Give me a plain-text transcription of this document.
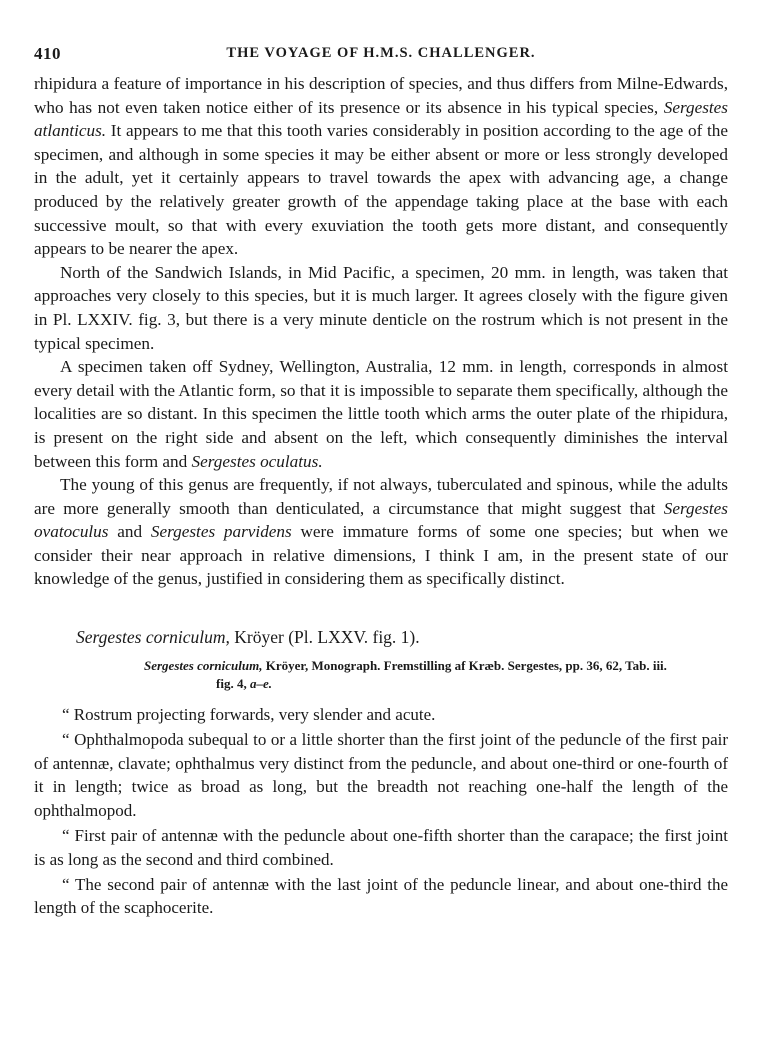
410	THE VOYAGE OF H.M.S. CHALLENGER.

rhipidura a feature of importance in his description of species, and thus differs from Milne-Edwards, who has not even taken notice either of its presence or its absence in his typical species, Sergestes atlanticus. It appears to me that this tooth varies considerably in position according to the age of the specimen, and although in some species it may be either absent or more or less strongly developed in the adult, yet it certainly appears to travel towards the apex with advancing age, a change produced by the relatively greater growth of the appendage taking place at the base with each successive moult, so that with every exuviation the tooth gets more distant, and consequently appears to be nearer the apex.

North of the Sandwich Islands, in Mid Pacific, a specimen, 20 mm. in length, was taken that approaches very closely to this species, but it is much larger. It agrees closely with the figure given in Pl. LXXIV. fig. 3, but there is a very minute denticle on the rostrum which is not present in the typical specimen.

A specimen taken off Sydney, Wellington, Australia, 12 mm. in length, corresponds in almost every detail with the Atlantic form, so that it is impossible to separate them specifically, although the localities are so distant. In this specimen the little tooth which arms the outer plate of the rhipidura, is present on the right side and absent on the left, which consequently diminishes the interval between this form and Sergestes oculatus.

The young of this genus are frequently, if not always, tuberculated and spinous, while the adults are more generally smooth than denticulated, a circumstance that might suggest that Sergestes ovatoculus and Sergestes parvidens were immature forms of some one species; but when we consider their near approach in relative dimensions, I think I am, in the present state of our knowledge of the genus, justified in considering them as specifically distinct.

Sergestes corniculum, Kröyer (Pl. LXXV. fig. 1).
Sergestes corniculum, Kröyer, Monograph. Fremstilling af Kræb. Sergestes, pp. 36, 62, Tab. iii.
fig. 4, a–e.

“ Rostrum projecting forwards, very slender and acute.

“ Ophthalmopoda subequal to or a little shorter than the first joint of the peduncle of the first pair of antennæ, clavate; ophthalmus very distinct from the peduncle, and about one-third or one-fourth of it in length; twice as broad as long, but the breadth not reaching one-half the length of the ophthalmopod.

“ First pair of antennæ with the peduncle about one-fifth shorter than the carapace; the first joint is as long as the second and third combined.

“ The second pair of antennæ with the last joint of the peduncle linear, and about one-third the length of the scaphocerite.
